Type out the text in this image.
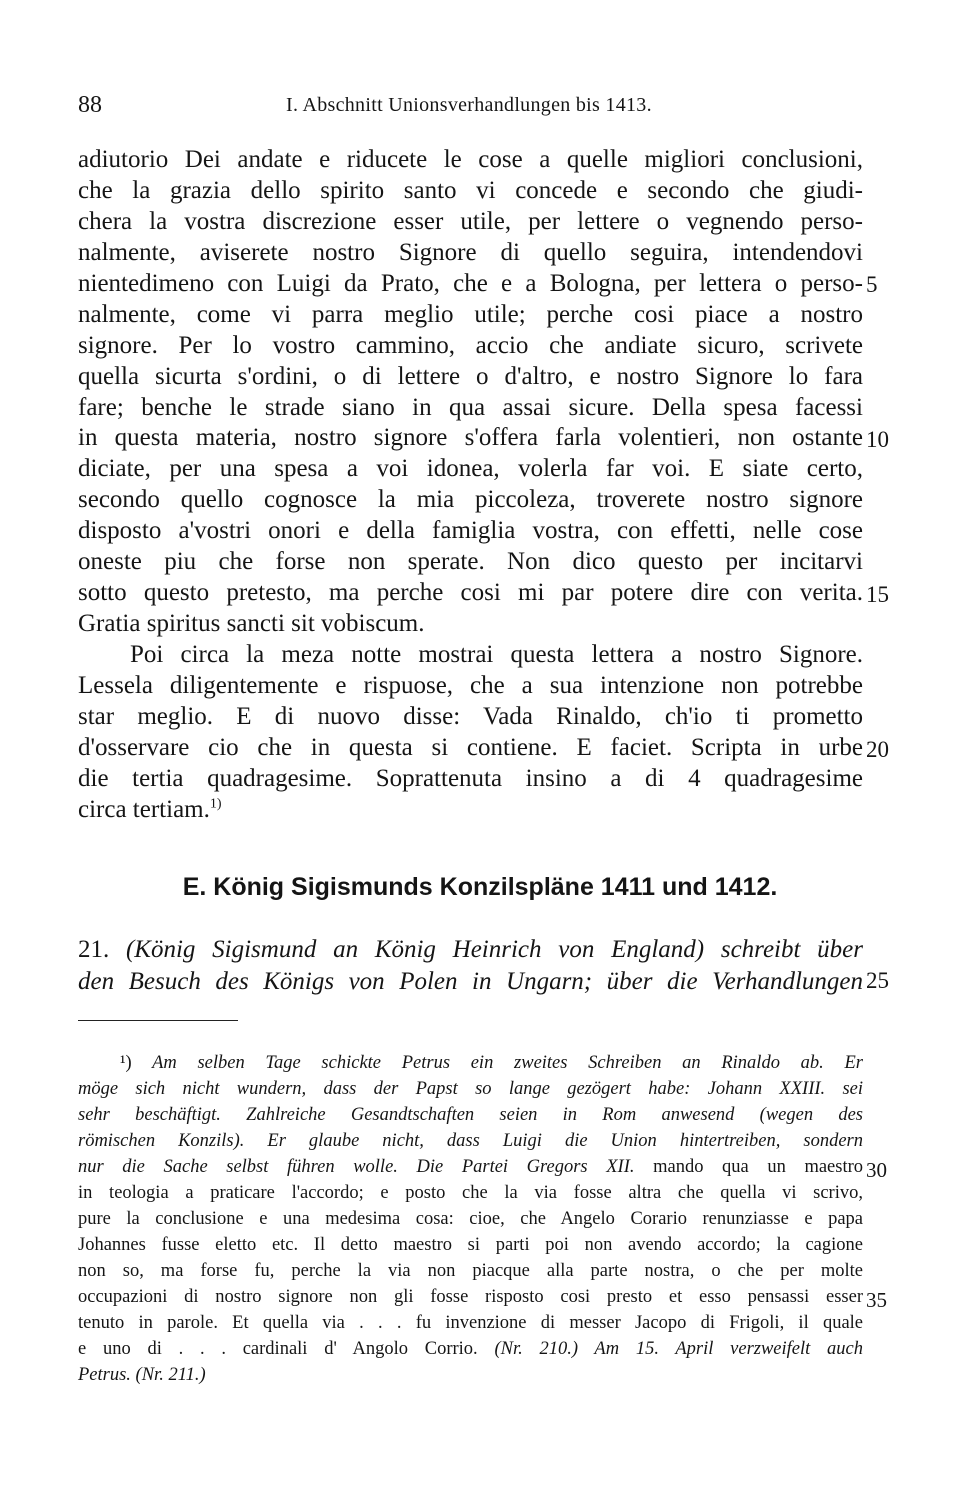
88	I. Abschnitt Unionsverhandlungen bis 1413.
adiutorio Dei andate e riducete le cose a quelle migliori conclusioni,
che la grazia dello spirito santo vi concede e secondo che giudi-
chera la vostra discrezione esser utile, per lettere o vegnendo perso-
nalmente, aviserete nostro Signore di quello seguira, intendendovi
nientedimeno con Luigi da Prato, che e a Bologna, per lettera o perso-
nalmente, come vi parra meglio utile; perche cosi piace a nostro
signore. Per lo vostro cammino, accio che andiate sicuro, scrivete
quella sicurta s'ordini, o di lettere o d'altro, e nostro Signore lo fara
fare; benche le strade siano in qua assai sicure. Della spesa facessi
in questa materia, nostro signore s'offera farla volentieri, non ostante
diciate, per una spesa a voi idonea, volerla far voi. E siate certo,
secondo quello cognosce la mia piccoleza, troverete nostro signore
disposto a'vostri onori e della famiglia vostra, con effetti, nelle cose
oneste piu che forse non sperate. Non dico questo per incitarvi
sotto questo pretesto, ma perche cosi mi par potere dire con verita.
Gratia spiritus sancti sit vobiscum.
Poi circa la meza notte mostrai questa lettera a nostro Signore.
Lessela diligentemente e rispuose, che a sua intenzione non potrebbe
star meglio. E di nuovo disse: Vada Rinaldo, ch'io ti prometto
d'osservare cio che in questa si contiene. E faciet. Scripta in urbe
die tertia quadragesime. Soprattenuta insino a di 4 quadragesime
circa tertiam.$^{1)}$
5
10
15
20
E. König Sigismunds Konzilspläne 1411 und 1412.
21. (König Sigismund an König Heinrich von England) schreibt über
den Besuch des Königs von Polen in Ungarn; über die Verhandlungen 25
¹) Am selben Tage schickte Petrus ein zweites Schreiben an Rinaldo ab. Er
möge sich nicht wundern, dass der Papst so lange gezögert habe: Johann XXIII. sei
sehr beschäftigt. Zahlreiche Gesandtschaften seien in Rom anwesend (wegen des
römischen Konzils). Er glaube nicht, dass Luigi die Union hintertreiben, sondern
nur die Sache selbst führen wolle. Die Partei Gregors XII. mando qua un maestro
in teologia a praticare l'accordo; e posto che la via fosse altra che quella vi scrivo,
pure la conclusione e una medesima cosa: cioe, che Angelo Corario renunziasse e papa
Johannes fusse eletto etc. Il detto maestro si parti poi non avendo accordo; la cagione
non so, ma forse fu, perche la via non piacque alla parte nostra, o che per molte
occupazioni di nostro signore non gli fosse risposto cosi presto et esso pensassi esser
tenuto in parole. Et quella via . . . fu invenzione di messer Jacopo di Frigoli, il quale
e uno di . . . cardinali d' Angolo Corrio. (Nr. 210.) Am 15. April verzweifelt auch
Petrus. (Nr. 211.)
30
35
